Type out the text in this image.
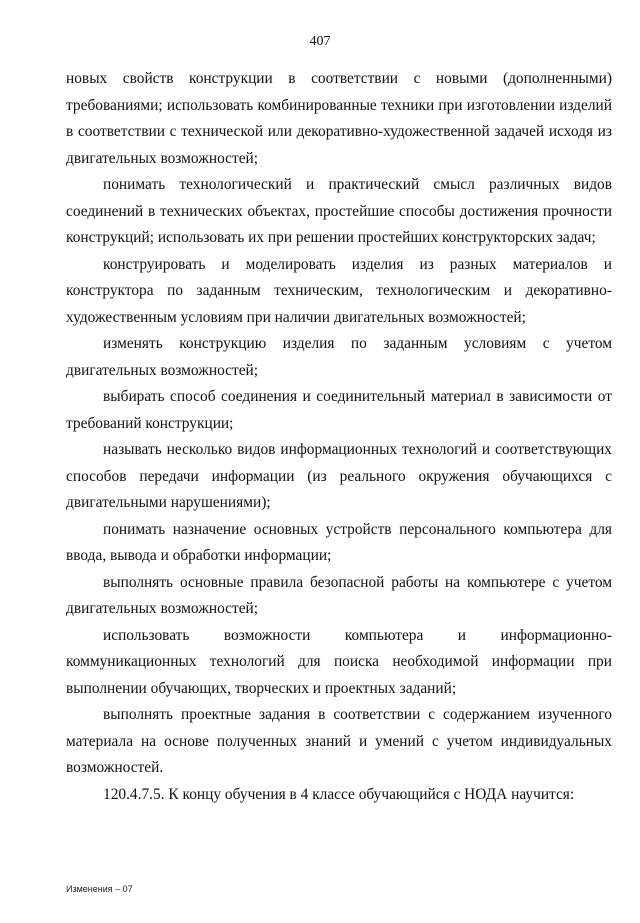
407

новых свойств конструкции в соответствии с новыми (дополненными) требованиями; использовать комбинированные техники при изготовлении изделий в соответствии с технической или декоративно-художественной задачей исходя из двигательных возможностей;

понимать технологический и практический смысл различных видов соединений в технических объектах, простейшие способы достижения прочности конструкций; использовать их при решении простейших конструкторских задач;

конструировать и моделировать изделия из разных материалов и конструктора по заданным техническим, технологическим и декоративно-художественным условиям при наличии двигательных возможностей;

изменять конструкцию изделия по заданным условиям с учетом двигательных возможностей;

выбирать способ соединения и соединительный материал в зависимости от требований конструкции;

называть несколько видов информационных технологий и соответствующих способов передачи информации (из реального окружения обучающихся с двигательными нарушениями);

понимать назначение основных устройств персонального компьютера для ввода, вывода и обработки информации;

выполнять основные правила безопасной работы на компьютере с учетом двигательных возможностей;

использовать возможности компьютера и информационно-коммуникационных технологий для поиска необходимой информации при выполнении обучающих, творческих и проектных заданий;

выполнять проектные задания в соответствии с содержанием изученного материала на основе полученных знаний и умений с учетом индивидуальных возможностей.

120.4.7.5. К концу обучения в 4 классе обучающийся с НОДА научится:

Изменения – 07
